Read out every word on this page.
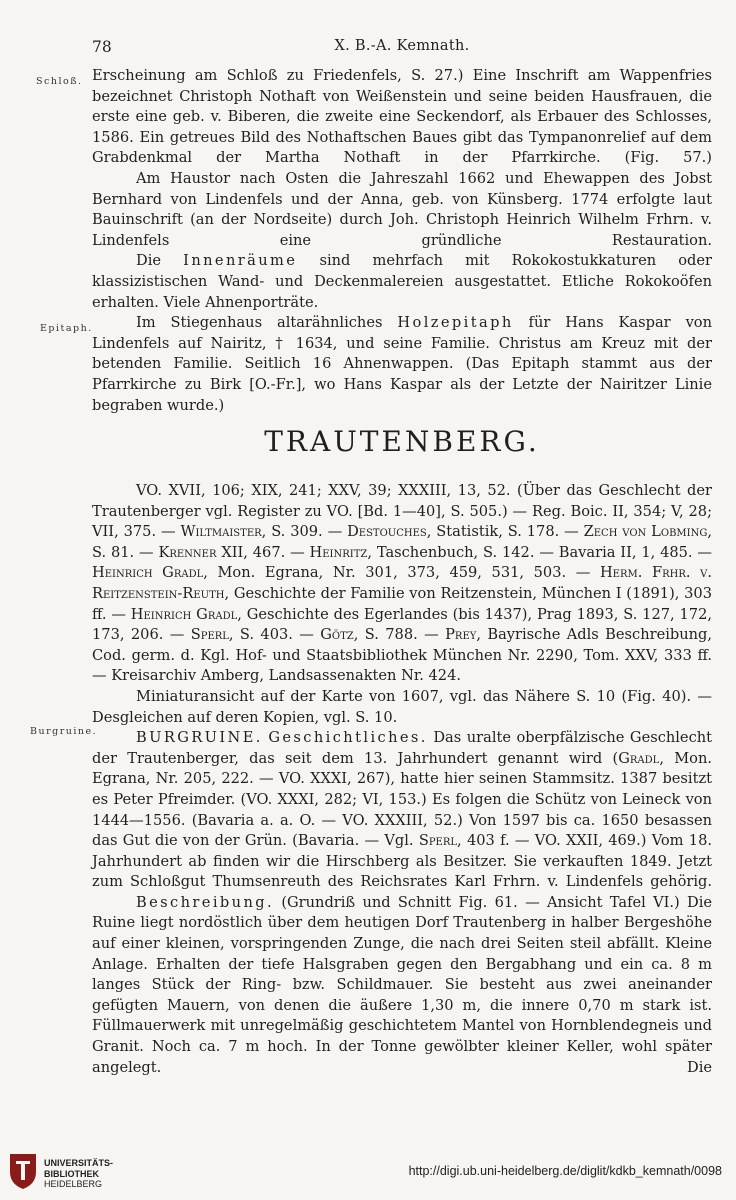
78	X. B.-A. Kemnath.
Schloß.
Epitaph.
Burgruine.

Erscheinung am Schloß zu Friedenfels, S. 27.) Eine Inschrift am Wappenfries bezeichnet Christoph Nothaft von Weißenstein und seine beiden Hausfrauen, die erste eine geb. v. Biberen, die zweite eine Seckendorf, als Erbauer des Schlosses, 1586. Ein getreues Bild des Nothaftschen Baues gibt das Tympanonrelief auf dem Grabdenkmal der Martha Nothaft in der Pfarrkirche. (Fig. 57.)

Am Haustor nach Osten die Jahreszahl 1662 und Ehewappen des Jobst Bernhard von Lindenfels und der Anna, geb. von Künsberg. 1774 erfolgte laut Bauinschrift (an der Nordseite) durch Joh. Christoph Heinrich Wilhelm Frhrn. v. Lindenfels eine gründliche Restauration.

Die Innenräume sind mehrfach mit Rokokostukkaturen oder klassizistischen Wand- und Deckenmalereien ausgestattet. Etliche Rokokoöfen erhalten. Viele Ahnenporträte.

Im Stiegenhaus altarähnliches Holzepitaph für Hans Kaspar von Lindenfels auf Nairitz, † 1634, und seine Familie. Christus am Kreuz mit der betenden Familie. Seitlich 16 Ahnenwappen. (Das Epitaph stammt aus der Pfarrkirche zu Birk [O.-Fr.], wo Hans Kaspar als der Letzte der Nairitzer Linie begraben wurde.)

TRAUTENBERG.

VO. XVII, 106; XIX, 241; XXV, 39; XXXIII, 13, 52. (Über das Geschlecht der Trautenberger vgl. Register zu VO. [Bd. 1—40], S. 505.) — Reg. Boic. II, 354; V, 28; VII, 375. — Wiltmaister, S. 309. — Destouches, Statistik, S. 178. — Zech von Lobming, S. 81. — Krenner XII, 467. — Heinritz, Taschenbuch, S. 142. — Bavaria II, 1, 485. — Heinrich Gradl, Mon. Egrana, Nr. 301, 373, 459, 531, 503. — Herm. Frhr. v. Reitzenstein-Reuth, Geschichte der Familie von Reitzenstein, München I (1891), 303 ff. — Heinrich Gradl, Geschichte des Egerlandes (bis 1437), Prag 1893, S. 127, 172, 173, 206. — Sperl, S. 403. — Götz, S. 788. — Prey, Bayrische Adls Beschreibung, Cod. germ. d. Kgl. Hof- und Staatsbibliothek München Nr. 2290, Tom. XXV, 333 ff. — Kreisarchiv Amberg, Landsassenakten Nr. 424.

Miniaturansicht auf der Karte von 1607, vgl. das Nähere S. 10 (Fig. 40). — Desgleichen auf deren Kopien, vgl. S. 10.

BURGRUINE. Geschichtliches. Das uralte oberpfälzische Geschlecht der Trautenberger, das seit dem 13. Jahrhundert genannt wird (Gradl, Mon. Egrana, Nr. 205, 222. — VO. XXXI, 267), hatte hier seinen Stammsitz. 1387 besitzt es Peter Pfreimder. (VO. XXXI, 282; VI, 153.) Es folgen die Schütz von Leineck von 1444—1556. (Bavaria a. a. O. — VO. XXXIII, 52.) Von 1597 bis ca. 1650 besassen das Gut die von der Grün. (Bavaria. — Vgl. Sperl, 403 f. — VO. XXII, 469.) Vom 18. Jahrhundert ab finden wir die Hirschberg als Besitzer. Sie verkauften 1849. Jetzt zum Schloßgut Thumsenreuth des Reichsrates Karl Frhrn. v. Lindenfels gehörig.

Beschreibung. (Grundriß und Schnitt Fig. 61. — Ansicht Tafel VI.) Die Ruine liegt nordöstlich über dem heutigen Dorf Trautenberg in halber Bergeshöhe auf einer kleinen, vorspringenden Zunge, die nach drei Seiten steil abfällt. Kleine Anlage. Erhalten der tiefe Halsgraben gegen den Bergabhang und ein ca. 8 m langes Stück der Ring- bzw. Schildmauer. Sie besteht aus zwei aneinander gefügten Mauern, von denen die äußere 1,30 m, die innere 0,70 m stark ist. Füllmauerwerk mit unregelmäßig geschichtetem Mantel von Hornblendegneis und Granit. Noch ca. 7 m hoch. In der Tonne gewölbter kleiner Keller, wohl später angelegt. Die

UNIVERSITÄTS-
BIBLIOTHEK
HEIDELBERG
http://digi.ub.uni-heidelberg.de/diglit/kdkb_kemnath/0098
